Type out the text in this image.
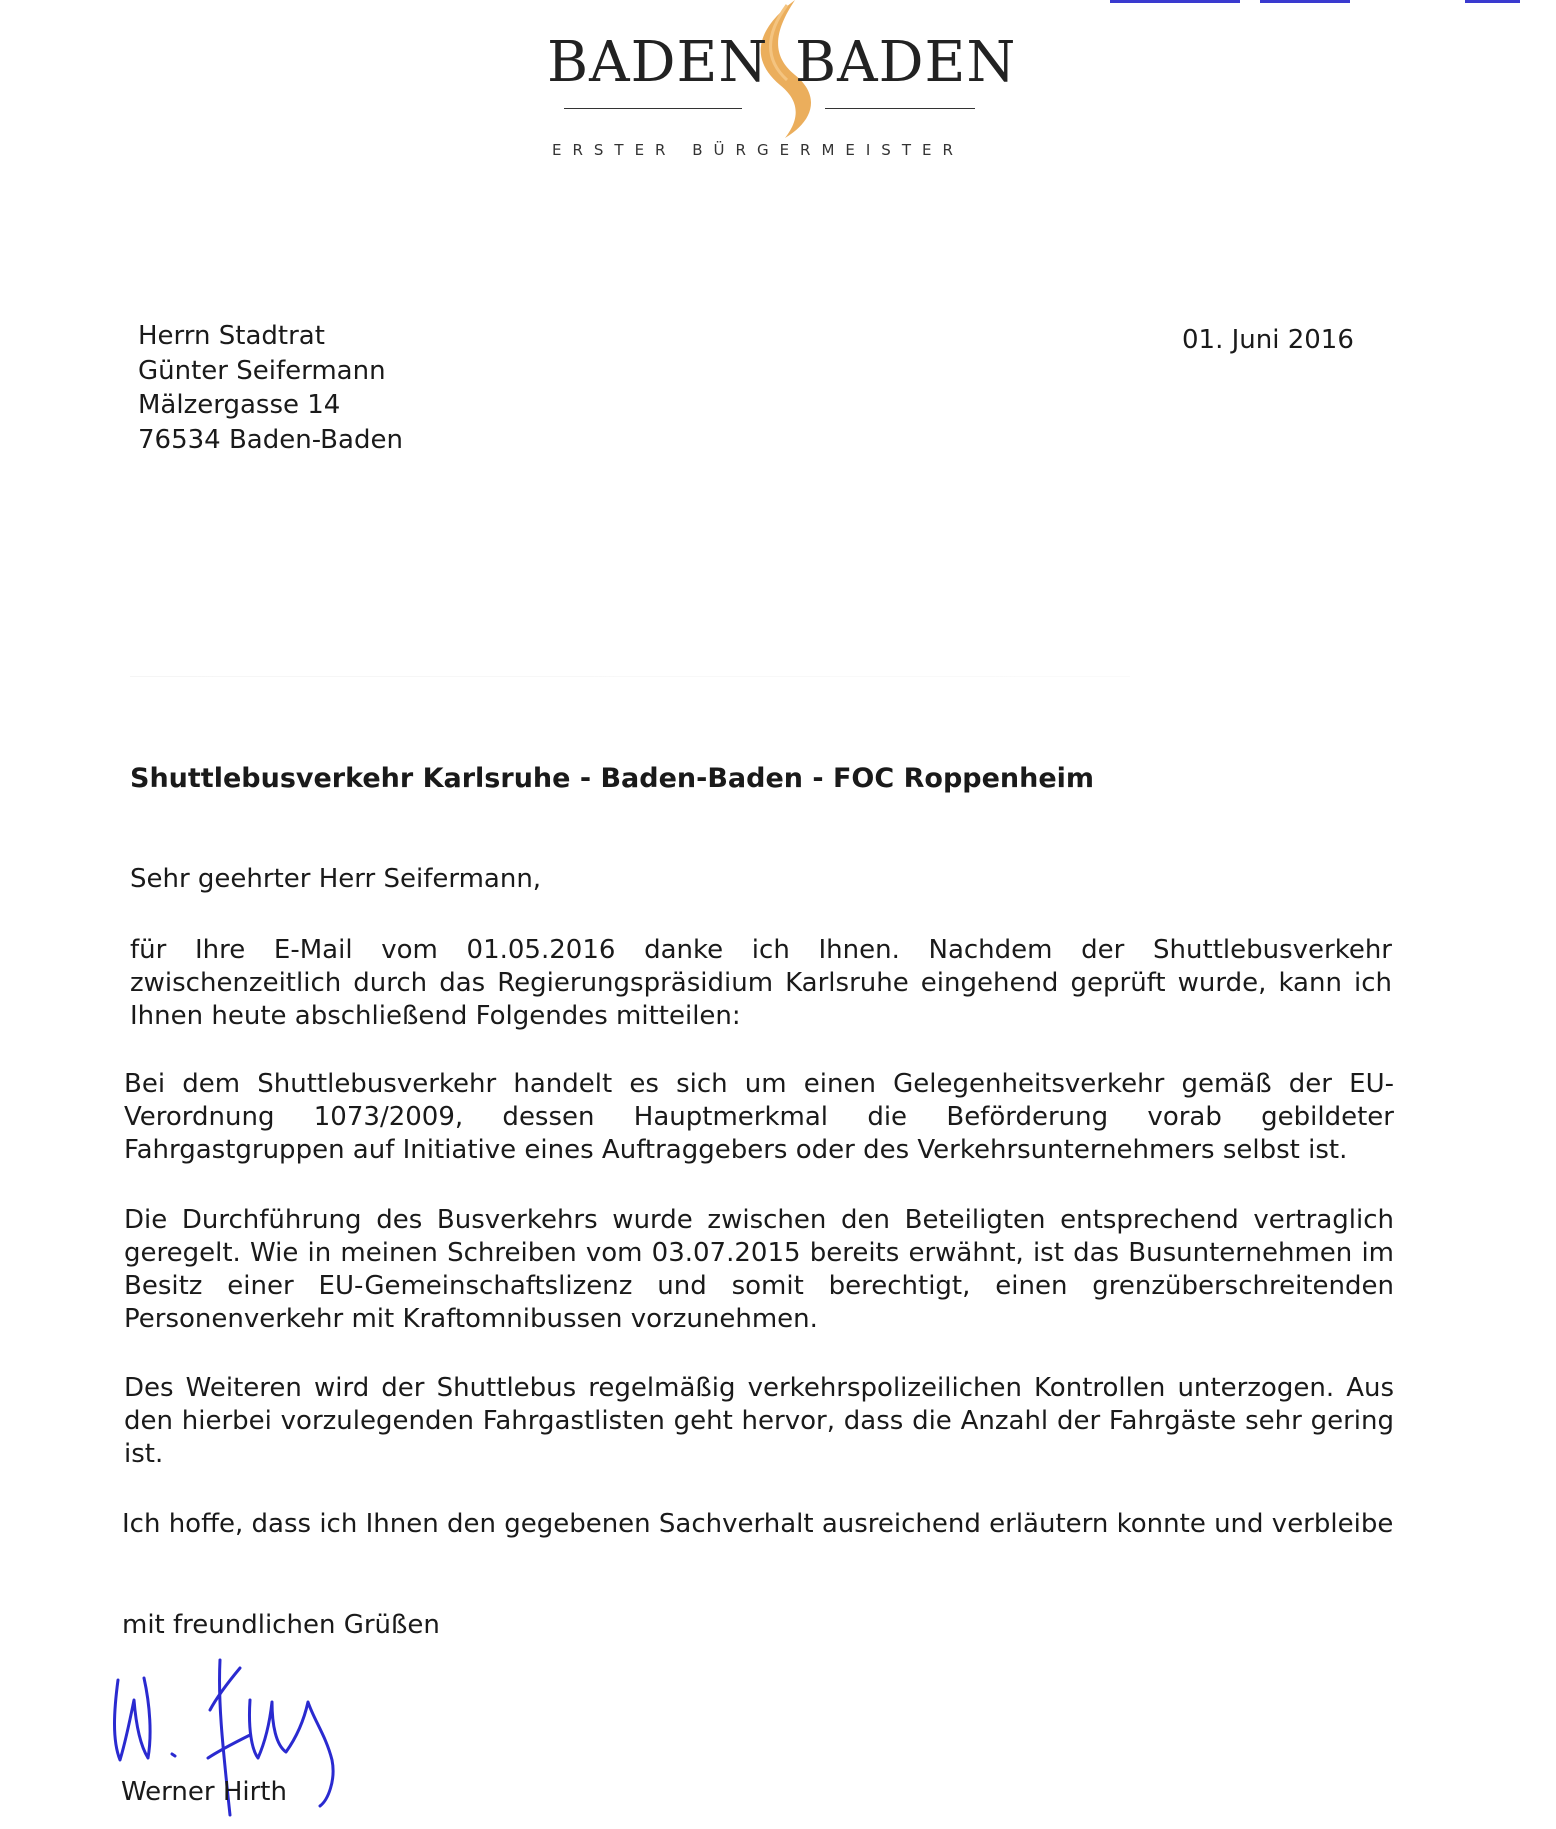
BADEN BADEN
ERSTER BÜRGERMEISTER
Herrn Stadtrat
Günter Seifermann
Mälzergasse 14
76534 Baden-Baden
01. Juni 2016
Shuttlebusverkehr Karlsruhe - Baden-Baden - FOC Roppenheim
Sehr geehrter Herr Seifermann,
für Ihre E-Mail vom 01.05.2016 danke ich Ihnen. Nachdem der Shuttlebusverkehr zwischenzeitlich durch das Regierungspräsidium Karlsruhe eingehend geprüft wurde, kann ich Ihnen heute abschließend Folgendes mitteilen:
Bei dem Shuttlebusverkehr handelt es sich um einen Gelegenheitsverkehr gemäß der EU-Verordnung 1073/2009, dessen Hauptmerkmal die Beförderung vorab gebildeter Fahrgastgruppen auf Initiative eines Auftraggebers oder des Verkehrsunternehmers selbst ist.
Die Durchführung des Busverkehrs wurde zwischen den Beteiligten entsprechend vertraglich geregelt. Wie in meinen Schreiben vom 03.07.2015 bereits erwähnt, ist das Busunternehmen im Besitz einer EU-Gemeinschaftslizenz und somit berechtigt, einen grenzüberschreitenden Personenverkehr mit Kraftomnibussen vorzunehmen.
Des Weiteren wird der Shuttlebus regelmäßig verkehrspolizeilichen Kontrollen unterzogen. Aus den hierbei vorzulegenden Fahrgastlisten geht hervor, dass die Anzahl der Fahrgäste sehr gering ist.
Ich hoffe, dass ich Ihnen den gegebenen Sachverhalt ausreichend erläutern konnte und verbleibe
mit freundlichen Grüßen
Werner Hirth
